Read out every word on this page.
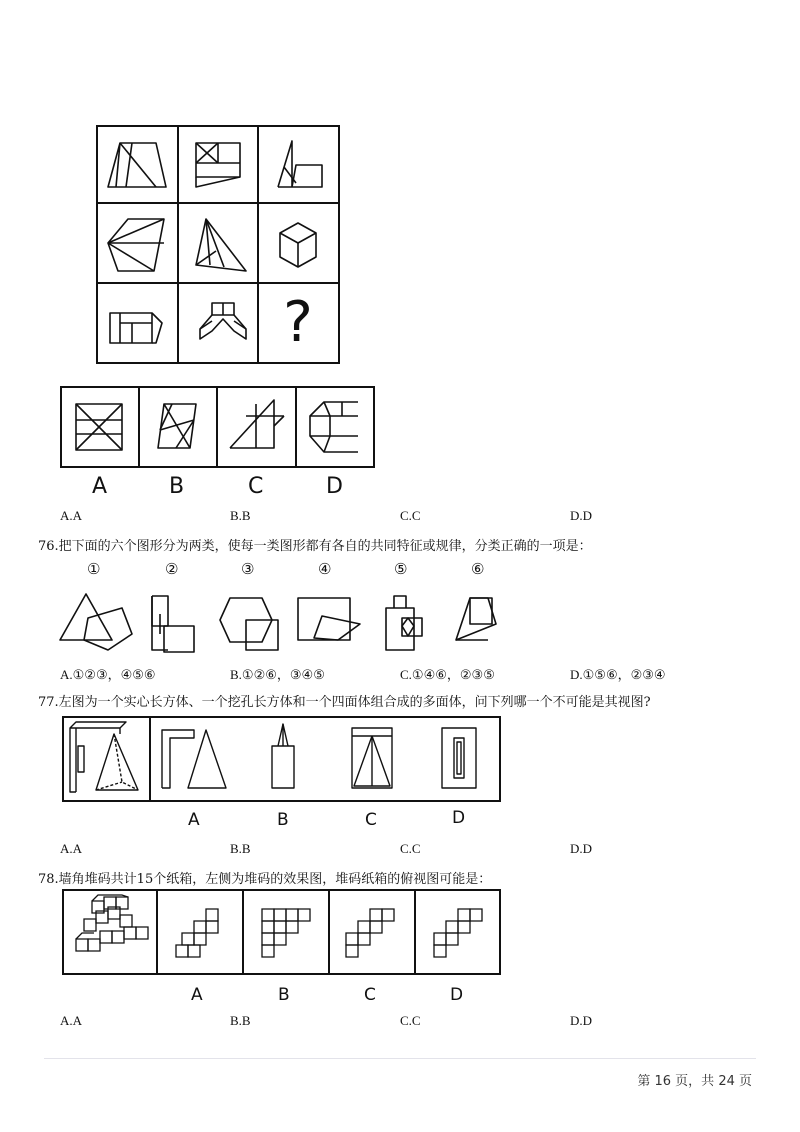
?
A	B	C	D
A.A	B.B	C.C	D.D
76.把下面的六个图形分为两类，使每一类图形都有各自的共同特征或规律，分类正确的一项是：
①	②	③	④	⑤	⑥
A.①②③，④⑤⑥	B.①②⑥，③④⑤	C.①④⑥，②③⑤	D.①⑤⑥，②③④
77.左图为一个实心长方体、一个挖孔长方体和一个四面体组合成的多面体，问下列哪一个不可能是其视图?
A	B	C	D
A.A	B.B	C.C	D.D
78.墙角堆码共计15个纸箱，左侧为堆码的效果图，堆码纸箱的俯视图可能是：
A	B	C	D
A.A	B.B	C.C	D.D
第 16 页，共 24 页
